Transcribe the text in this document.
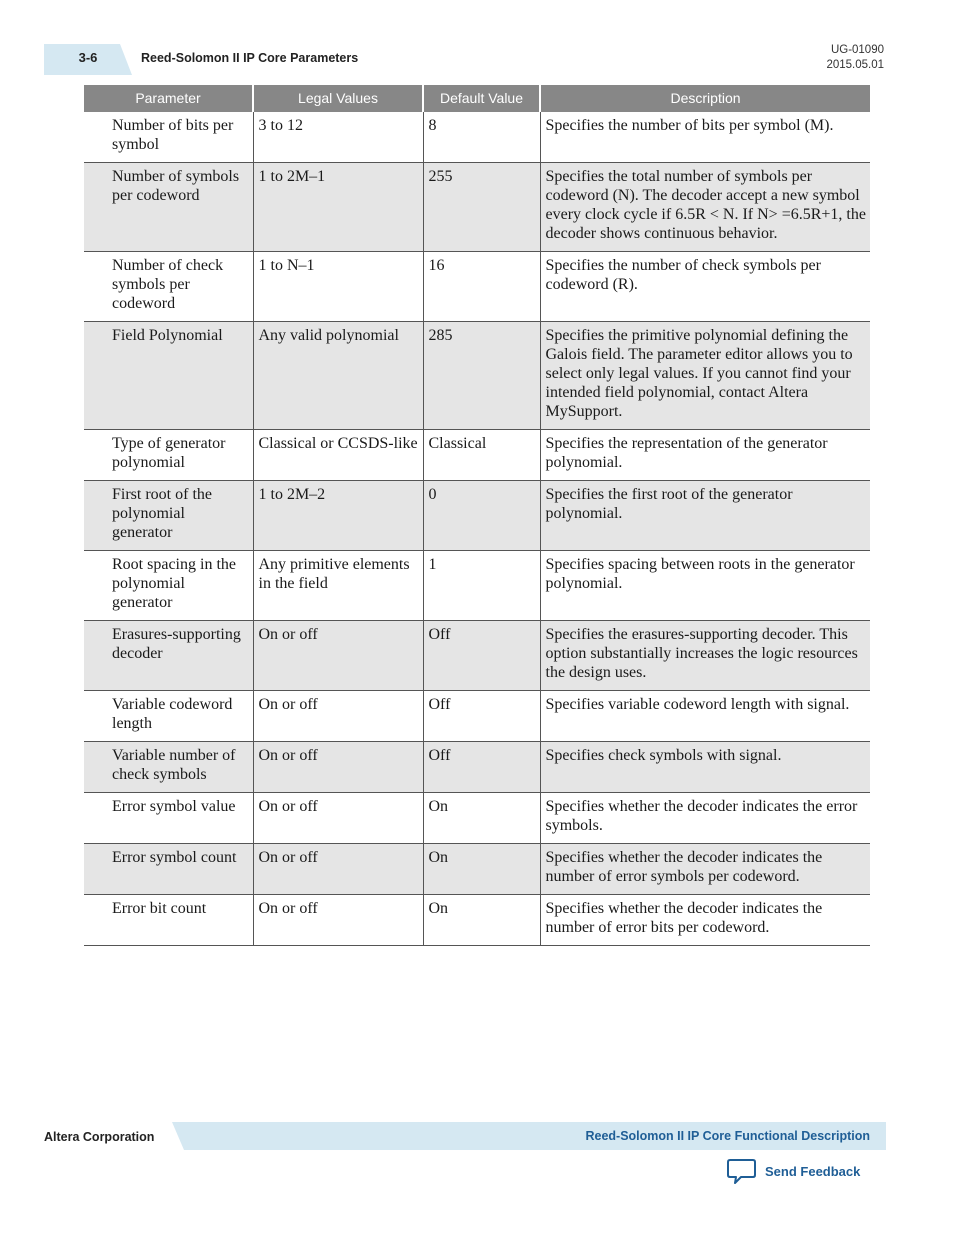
3-6	Reed-Solomon II IP Core Parameters
UG-01090
2015.05.01
Parameter	Legal Values	Default Value	Description
Number of bits per symbol	3 to 12	8	Specifies the number of bits per symbol (M).
Number of symbols per codeword	1 to 2M–1	255	Specifies the total number of symbols per codeword (N). The decoder accept a new symbol every clock cycle if 6.5R < N. If N> =6.5R+1, the decoder shows continuous behavior.
Number of check symbols per codeword	1 to N–1	16	Specifies the number of check symbols per codeword (R).
Field Polynomial	Any valid polynomial	285	Specifies the primitive polynomial defining the Galois field. The parameter editor allows you to select only legal values. If you cannot find your intended field polynomial, contact Altera MySupport.
Type of generator polynomial	Classical or CCSDS-like	Classical	Specifies the representation of the generator polynomial.
First root of the polynomial generator	1 to 2M–2	0	Specifies the first root of the generator polynomial.
Root spacing in the polynomial generator	Any primitive elements in the field	1	Specifies spacing between roots in the generator polynomial.
Erasures-supporting decoder	On or off	Off	Specifies the erasures-supporting decoder. This option substantially increases the logic resources the design uses.
Variable codeword length	On or off	Off	Specifies variable codeword length with signal.
Variable number of check symbols	On or off	Off	Specifies check symbols with signal.
Error symbol value	On or off	On	Specifies whether the decoder indicates the error symbols.
Error symbol count	On or off	On	Specifies whether the decoder indicates the number of error symbols per codeword.
Error bit count	On or off	On	Specifies whether the decoder indicates the number of error bits per codeword.
Altera Corporation	Reed-Solomon II IP Core Functional Description
Send Feedback
